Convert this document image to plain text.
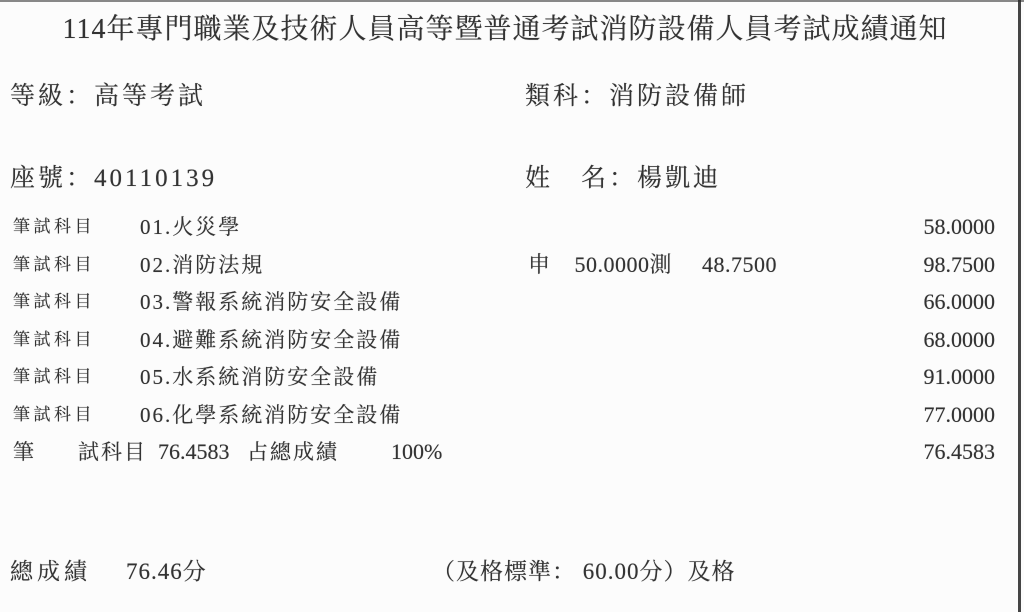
114年專門職業及技術人員高等暨普通考試消防設備人員考試成績通知
等級：高等考試	類科：消防設備師
座號：40110139	姓　名：楊凱迪
筆試科目 01.火災學	58.0000
筆試科目 02.消防法規	申    50.0000測     48.7500	98.7500
筆試科目 03.警報系統消防安全設備	66.0000
筆試科目 04.避難系統消防安全設備	68.0000
筆試科目 05.水系統消防安全設備	91.0000
筆試科目 06.化學系統消防安全設備	77.0000
筆 試科目 76.4583 占總成績 100%	76.4583
總成績 76.46分	（及格標準： 60.00分）及格
